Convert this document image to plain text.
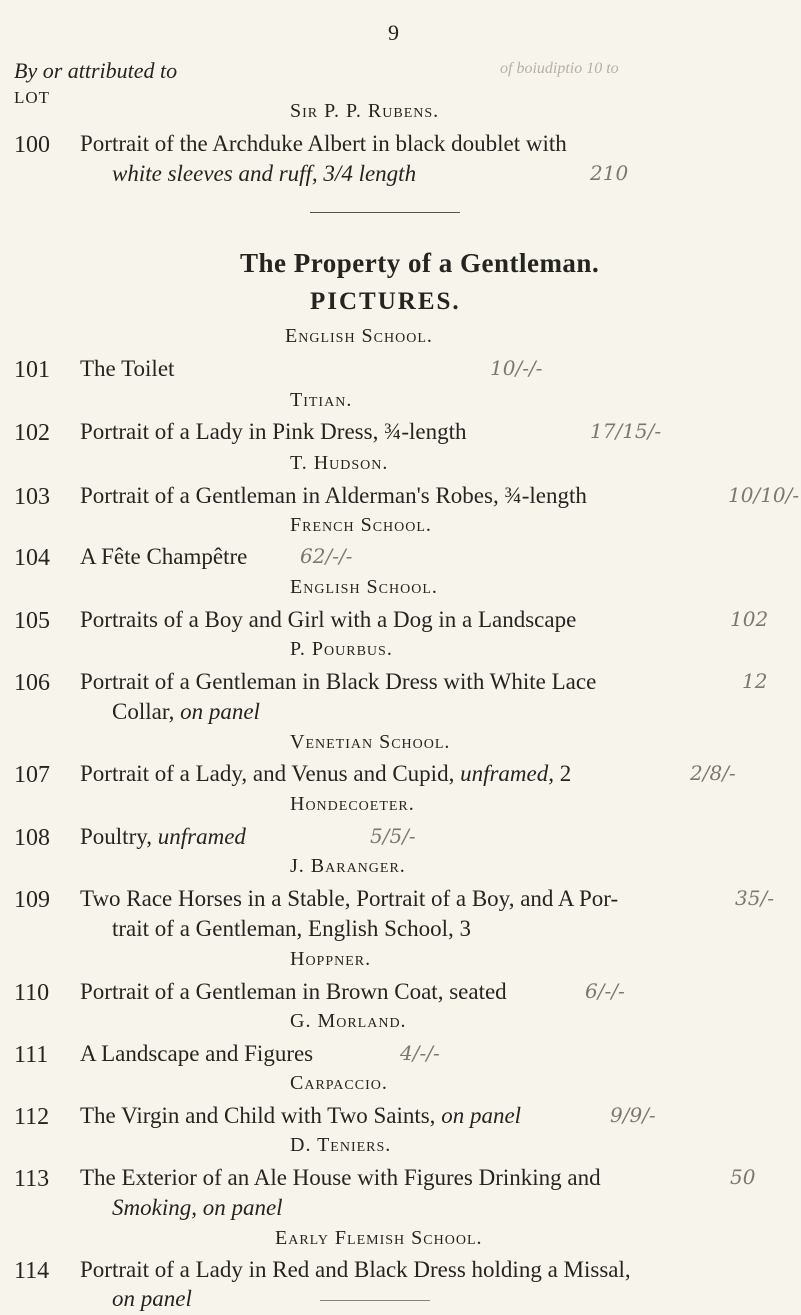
9
By or attributed to	of boiudiptio 10 to
LOT
Sir P. P. Rubens.
100	Portrait of the Archduke Albert in black doublet with
white sleeves and ruff, 3/4 length	210
The Property of a Gentleman.
PICTURES.
English School.
101	The Toilet	10/-/-
Titian.
102	Portrait of a Lady in Pink Dress, ¾-length	17/15/-
T. Hudson.
103	Portrait of a Gentleman in Alderman's Robes, ¾-length	10/10/-
French School.
104	A Fête Champêtre	62/-/-
English School.
105	Portraits of a Boy and Girl with a Dog in a Landscape	102
P. Pourbus.
106	Portrait of a Gentleman in Black Dress with White Lace	12
Collar, on panel
Venetian School.
107	Portrait of a Lady, and Venus and Cupid, unframed, 2	2/8/-
Hondecoeter.
108	Poultry, unframed	5/5/-
J. Baranger.
109	Two Race Horses in a Stable, Portrait of a Boy, and A Por-	35/-
trait of a Gentleman, English School, 3
Hoppner.
110	Portrait of a Gentleman in Brown Coat, seated	6/-/-
G. Morland.
111	A Landscape and Figures	4/-/-
Carpaccio.
112	The Virgin and Child with Two Saints, on panel	9/9/-
D. Teniers.
113	The Exterior of an Ale House with Figures Drinking and	50
Smoking, on panel
Early Flemish School.
114	Portrait of a Lady in Red and Black Dress holding a Missal,
on panel
